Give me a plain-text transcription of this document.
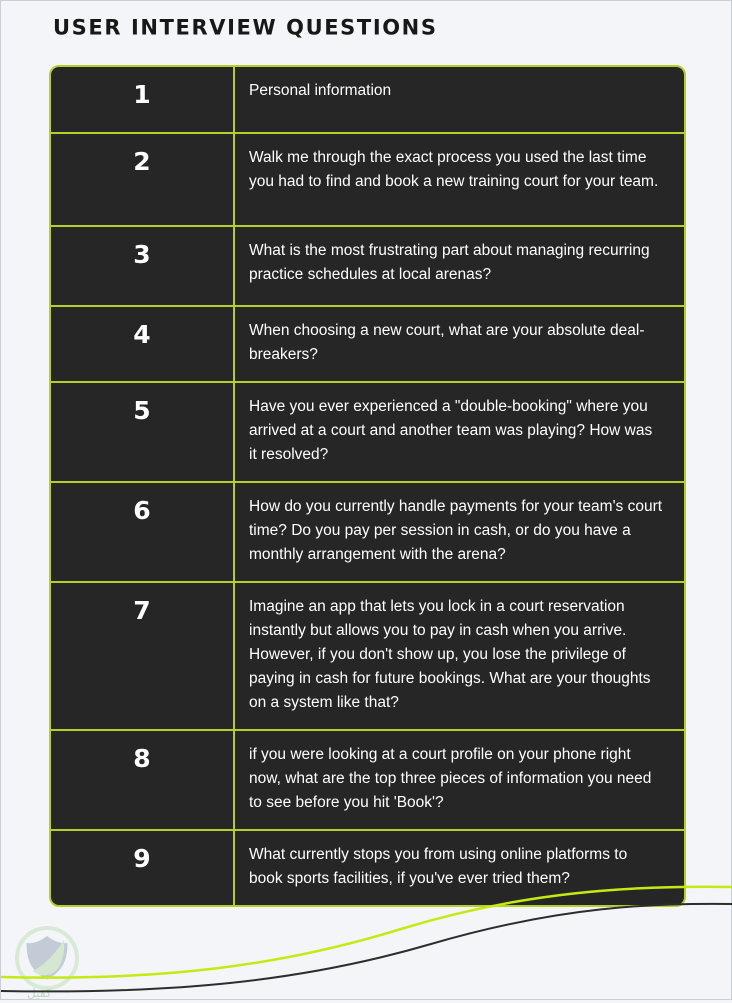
USER INTERVIEW QUESTIONS
1	Personal information
2	Walk me through the exact process you used the last time you had to find and book a new training court for your team.
3	What is the most frustrating part about managing recurring practice schedules at local arenas?
4	When choosing a new court, what are your absolute deal-breakers?
5	Have you ever experienced a "double-booking" where you arrived at a court and another team was playing? How was it resolved?
6	How do you currently handle payments for your team's court time? Do you pay per session in cash, or do you have a monthly arrangement with the arena?
7	Imagine an app that lets you lock in a court reservation instantly but allows you to pay in cash when you arrive. However, if you don't show up, you lose the privilege of paying in cash for future bookings. What are your thoughts on a system like that?
8	if you were looking at a court profile on your phone right now, what are the top three pieces of information you need to see before you hit 'Book'?
9	What currently stops you from using online platforms to book sports facilities, if you've ever tried them?
كفيل
